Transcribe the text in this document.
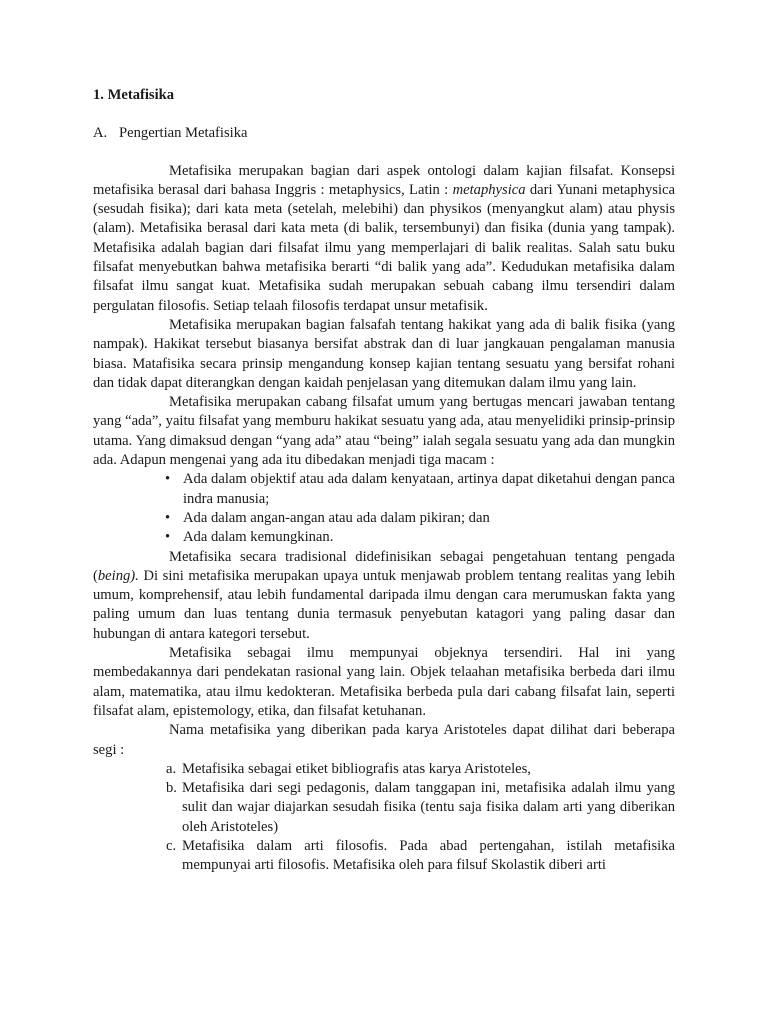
1. Metafisika

A. Pengertian Metafisika

Metafisika merupakan bagian dari aspek ontologi dalam kajian filsafat. Konsepsi metafisika berasal dari bahasa Inggris : metaphysics, Latin : metaphysica dari Yunani metaphysica (sesudah fisika); dari kata meta (setelah, melebihi) dan physikos (menyangkut alam) atau physis (alam). Metafisika berasal dari kata meta (di balik, tersembunyi) dan fisika (dunia yang tampak). Metafisika adalah bagian dari filsafat ilmu yang memperlajari di balik realitas. Salah satu buku filsafat menyebutkan bahwa metafisika berarti “di balik yang ada”. Kedudukan metafisika dalam filsafat ilmu sangat kuat. Metafisika sudah merupakan sebuah cabang ilmu tersendiri dalam pergulatan filosofis. Setiap telaah filosofis terdapat unsur metafisik.

Metafisika merupakan bagian falsafah tentang hakikat yang ada di balik fisika (yang nampak). Hakikat tersebut biasanya bersifat abstrak dan di luar jangkauan pengalaman manusia biasa. Matafisika secara prinsip mengandung konsep kajian tentang sesuatu yang bersifat rohani dan tidak dapat diterangkan dengan kaidah penjelasan yang ditemukan dalam ilmu yang lain.

Metafisika merupakan cabang filsafat umum yang bertugas mencari jawaban tentang yang “ada”, yaitu filsafat yang memburu hakikat sesuatu yang ada, atau menyelidiki prinsip-prinsip utama. Yang dimaksud dengan “yang ada” atau “being” ialah segala sesuatu yang ada dan mungkin ada. Adapun mengenai yang ada itu dibedakan menjadi tiga macam :

• Ada dalam objektif atau ada dalam kenyataan, artinya dapat diketahui dengan panca indra manusia;
• Ada dalam angan-angan atau ada dalam pikiran; dan
• Ada dalam kemungkinan.

Metafisika secara tradisional didefinisikan sebagai pengetahuan tentang pengada (being). Di sini metafisika merupakan upaya untuk menjawab problem tentang realitas yang lebih umum, komprehensif, atau lebih fundamental daripada ilmu dengan cara merumuskan fakta yang paling umum dan luas tentang dunia termasuk penyebutan katagori yang paling dasar dan hubungan di antara kategori tersebut.

Metafisika sebagai ilmu mempunyai objeknya tersendiri. Hal ini yang membedakannya dari pendekatan rasional yang lain. Objek telaahan metafisika berbeda dari ilmu alam, matematika, atau ilmu kedokteran. Metafisika berbeda pula dari cabang filsafat lain, seperti filsafat alam, epistemology, etika, dan filsafat ketuhanan.

Nama metafisika yang diberikan pada karya Aristoteles dapat dilihat dari beberapa segi :

a. Metafisika sebagai etiket bibliografis atas karya Aristoteles,
b. Metafisika dari segi pedagonis, dalam tanggapan ini, metafisika adalah ilmu yang sulit dan wajar diajarkan sesudah fisika (tentu saja fisika dalam arti yang diberikan oleh Aristoteles)
c. Metafisika dalam arti filosofis. Pada abad pertengahan, istilah metafisika mempunyai arti filosofis. Metafisika oleh para filsuf Skolastik diberi arti
